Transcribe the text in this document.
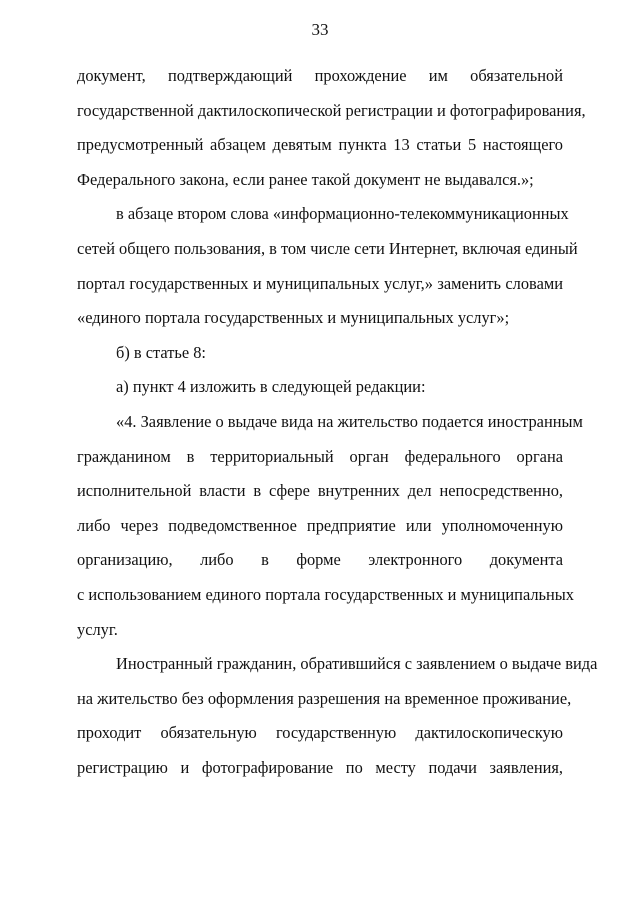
33
документ, подтверждающий прохождение им обязательной
государственной дактилоскопической регистрации и фотографирования,
предусмотренный абзацем девятым пункта 13 статьи 5 настоящего
Федерального закона, если ранее такой документ не выдавался.»;
в абзаце втором слова «информационно-телекоммуникационных
сетей общего пользования, в том числе сети Интернет, включая единый
портал государственных и муниципальных услуг,» заменить словами
«единого портала государственных и муниципальных услуг»;
б) в статье 8:
а) пункт 4 изложить в следующей редакции:
«4. Заявление о выдаче вида на жительство подается иностранным
гражданином в территориальный орган федерального органа
исполнительной власти в сфере внутренних дел непосредственно,
либо через подведомственное предприятие или уполномоченную
организацию, либо в форме электронного документа
с использованием единого портала государственных и муниципальных
услуг.
Иностранный гражданин, обратившийся с заявлением о выдаче вида
на жительство без оформления разрешения на временное проживание,
проходит обязательную государственную дактилоскопическую
регистрацию и фотографирование по месту подачи заявления,
